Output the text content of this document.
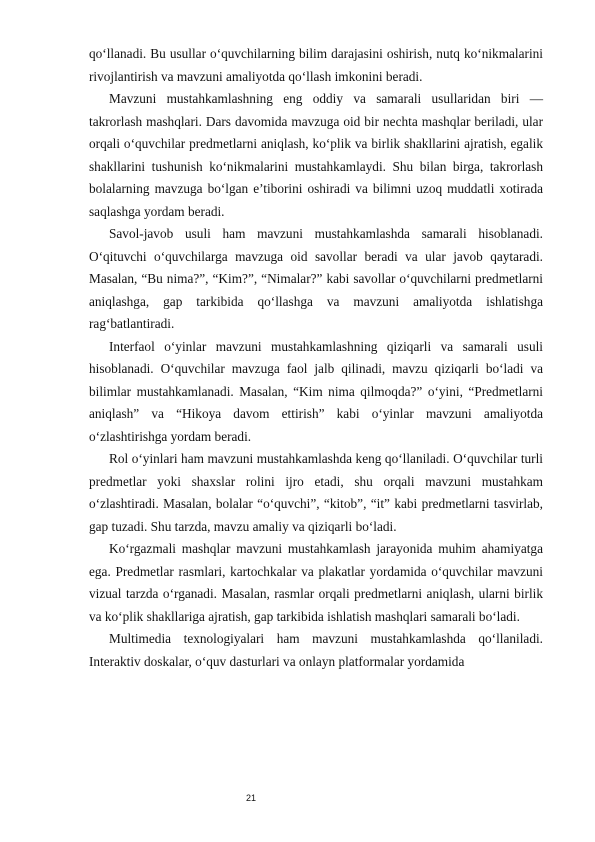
qo‘llanadi. Bu usullar o‘quvchilarning bilim darajasini oshirish, nutq ko‘nikmalarini rivojlantirish va mavzuni amaliyotda qo‘llash imkonini beradi.

Mavzuni mustahkamlashning eng oddiy va samarali usullaridan biri — takrorlash mashqlari. Dars davomida mavzuga oid bir nechta mashqlar beriladi, ular orqali o‘quvchilar predmetlarni aniqlash, ko‘plik va birlik shakllarini ajratish, egalik shakllarini tushunish ko‘nikmalarini mustahkamlaydi. Shu bilan birga, takrorlash bolalarning mavzuga bo‘lgan e’tiborini oshiradi va bilimni uzoq muddatli xotirada saqlashga yordam beradi.

Savol-javob usuli ham mavzuni mustahkamlashda samarali hisoblanadi. O‘qituvchi o‘quvchilarga mavzuga oid savollar beradi va ular javob qaytaradi. Masalan, “Bu nima?”, “Kim?”, “Nimalar?” kabi savollar o‘quvchilarni predmetlarni aniqlashga, gap tarkibida qo‘llashga va mavzuni amaliyotda ishlatishga rag‘batlantiradi.

Interfaol o‘yinlar mavzuni mustahkamlashning qiziqarli va samarali usuli hisoblanadi. O‘quvchilar mavzuga faol jalb qilinadi, mavzu qiziqarli bo‘ladi va bilimlar mustahkamlanadi. Masalan, “Kim nima qilmoqda?” o‘yini, “Predmetlarni aniqlash” va “Hikoya davom ettirish” kabi o‘yinlar mavzuni amaliyotda o‘zlashtirishga yordam beradi.

Rol o‘yinlari ham mavzuni mustahkamlashda keng qo‘llaniladi. O‘quvchilar turli predmetlar yoki shaxslar rolini ijro etadi, shu orqali mavzuni mustahkam o‘zlashtiradi. Masalan, bolalar “o‘quvchi”, “kitob”, “it” kabi predmetlarni tasvirlab, gap tuzadi. Shu tarzda, mavzu amaliy va qiziqarli bo‘ladi.

Ko‘rgazmali mashqlar mavzuni mustahkamlash jarayonida muhim ahamiyatga ega. Predmetlar rasmlari, kartochkalar va plakatlar yordamida o‘quvchilar mavzuni vizual tarzda o‘rganadi. Masalan, rasmlar orqali predmetlarni aniqlash, ularni birlik va ko‘plik shakllariga ajratish, gap tarkibida ishlatish mashqlari samarali bo‘ladi.

Multimedia texnologiyalari ham mavzuni mustahkamlashda qo‘llaniladi. Interaktiv doskalar, o‘quv dasturlari va onlayn platformalar yordamida

21
